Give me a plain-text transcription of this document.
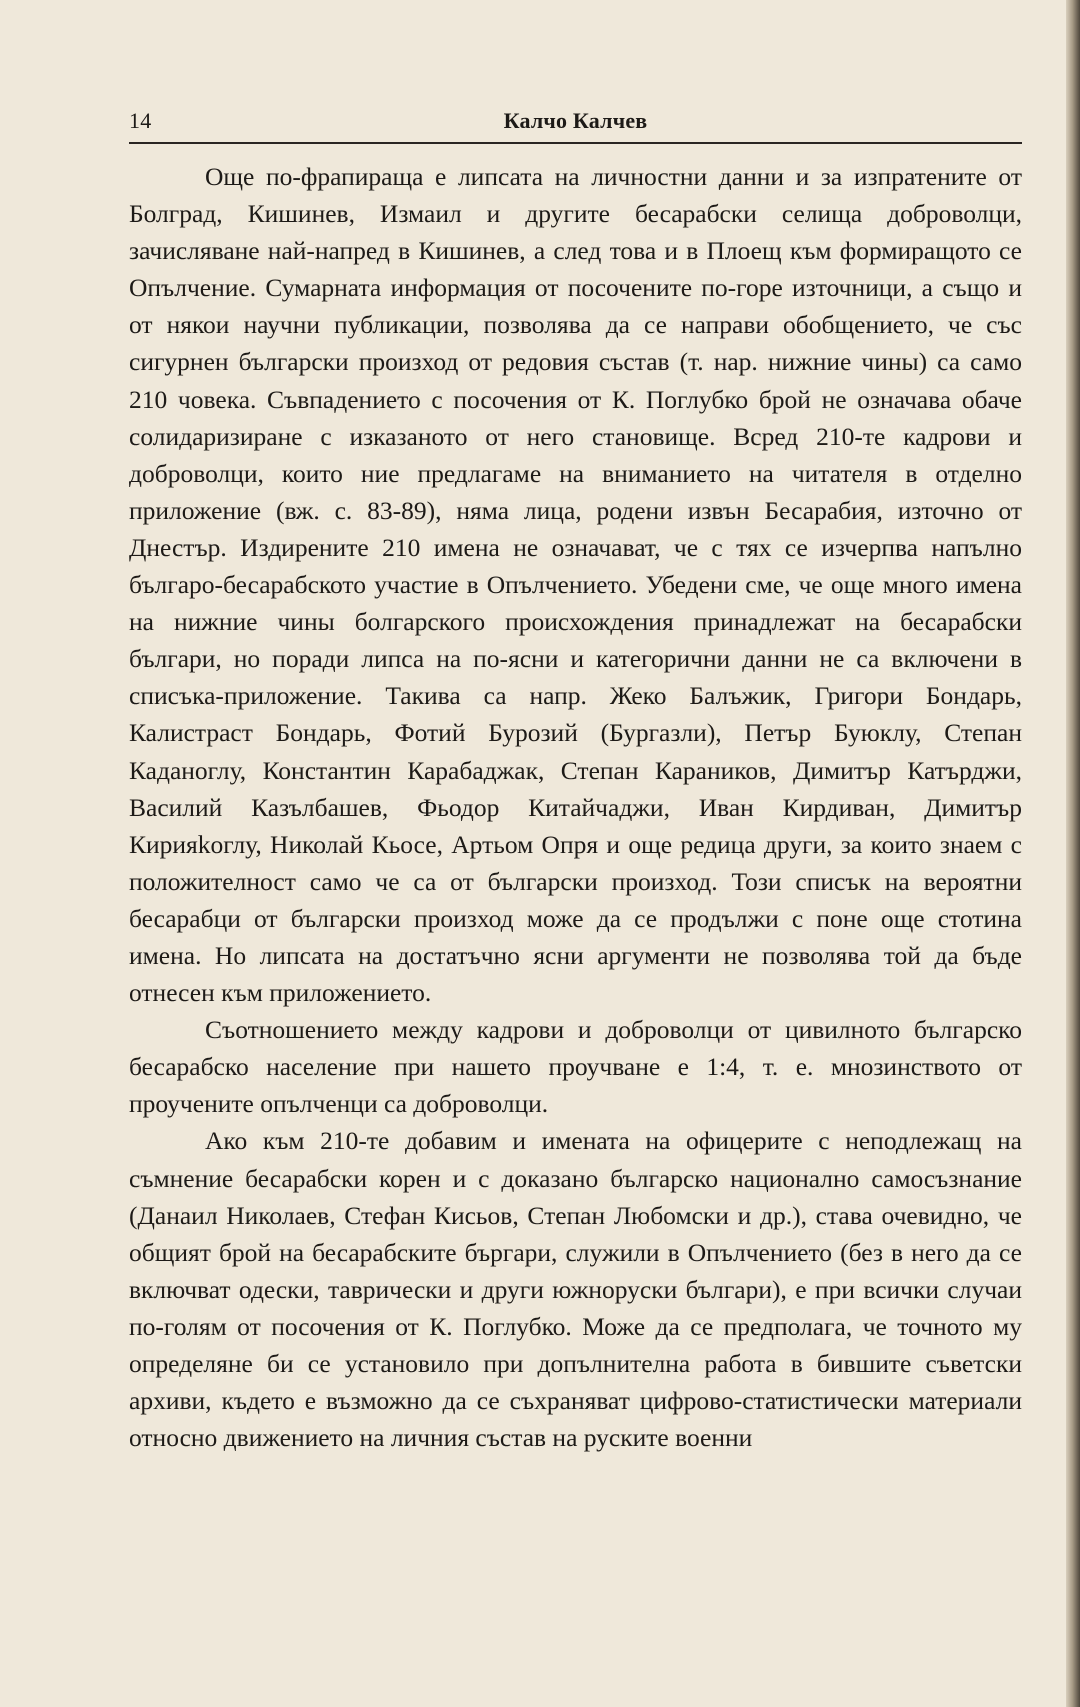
14	Калчо Калчев

Още по-фрапираща е липсата на личностни данни и за изпратените от Болград, Кишинев, Измаил и другите бесарабски селища доброволци, зачисляване най-напред в Кишинев, а след това и в Плоещ към формиращото се Опълчение. Сумарната информация от посочените по-горе източници, а също и от някои научни публикации, позволява да се направи обобщението, че със сигурнен български произход от редовия състав (т. нар. нижние чины) са само 210 човека. Съвпадението с посочения от К. Поглубко брой не означава обаче солидаризиране с изказаното от него становище. Всред 210-те кадрови и доброволци, които ние предлагаме на вниманието на читателя в отделно приложение (вж. с. 83-89), няма лица, родени извън Бесарабия, източно от Днестър. Издирените 210 имена не означават, че с тях се изчерпва напълно българо-бесарабското участие в Опълчението. Убедени сме, че още много имена на нижние чины болгарского происхождения принадлежат на бесарабски българи, но поради липса на по-ясни и категорични данни не са включени в списъка-приложение. Такива са напр. Жеко Балъжик, Григори Бондарь, Калистраст Бондарь, Фотий Бурозий (Бургазли), Петър Буюклу, Степан Каданоглу, Константин Карабаджак, Степан Караников, Димитър Катърджи, Василий Казълбашев, Фьодор Китайчаджи, Иван Кирдиван, Димитър Кирияkоглу, Николай Кьосе, Артьом Опря и още редица други, за които знаем с положителност само че са от български произход. Този списък на вероятни бесарабци от български произход може да се продължи с поне още стотина имена. Но липсата на достатъчно ясни аргументи не позволява той да бъде отнесен към приложението.

Съотношението между кадрови и доброволци от цивилното българско бесарабско население при нашето проучване е 1:4, т. е. мнозинството от проучените опълченци са доброволци.

Ако към 210-те добавим и имената на офицерите с неподлежащ на съмнение бесарабски корен и с доказано българско национално самосъзнание (Данаил Николаев, Стефан Кисьов, Степан Любомски и др.), става очевидно, че общият брой на бесарабските бъргари, служили в Опълчението (без в него да се включват одески, таврически и други южноруски българи), е при всички случаи по-голям от посочения от К. Поглубко. Може да се предполага, че точното му определяне би се установило при допълнителна работа в бившите съветски архиви, където е възможно да се съхраняват цифрово-статистически материали относно движението на личния състав на руските военни
